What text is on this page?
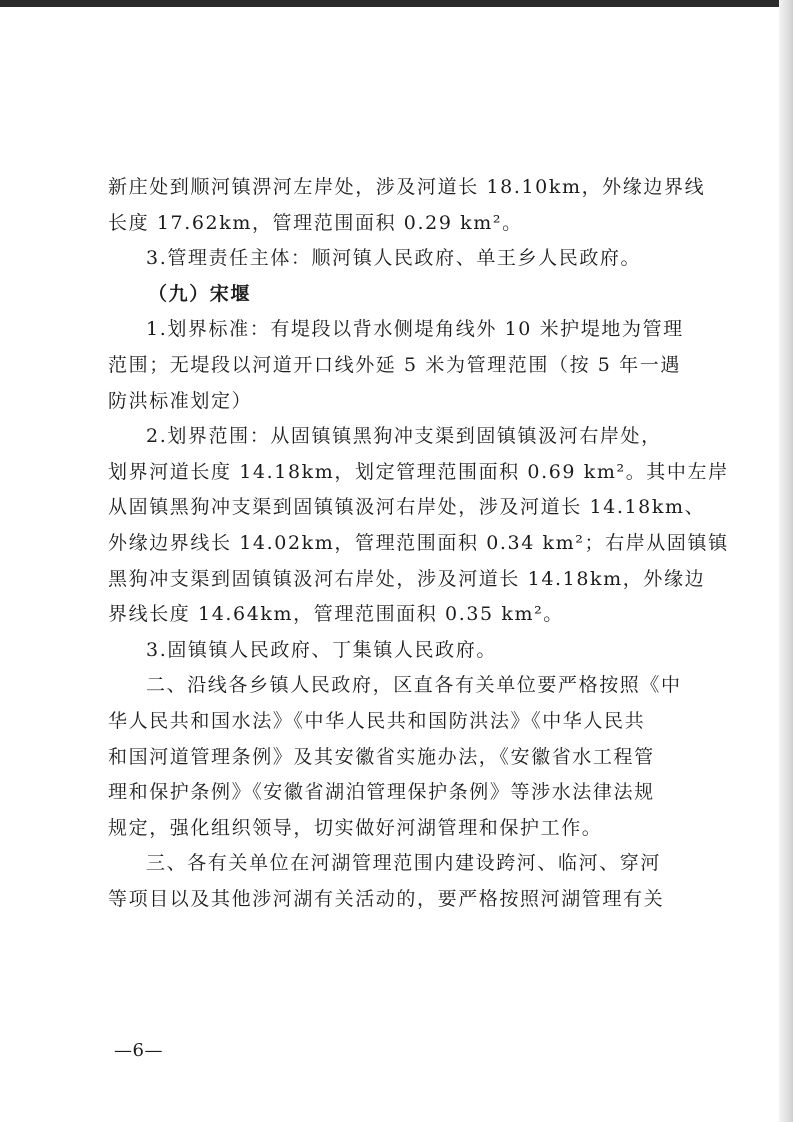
新庄处到顺河镇淠河左岸处，涉及河道长 18.10km，外缘边界线
长度 17.62km，管理范围面积 0.29 km²。
3.管理责任主体：顺河镇人民政府、单王乡人民政府。
（九）宋堰
1.划界标准：有堤段以背水侧堤角线外 10 米护堤地为管理
范围；无堤段以河道开口线外延 5 米为管理范围（按 5 年一遇
防洪标准划定）
2.划界范围：从固镇镇黑狗冲支渠到固镇镇汲河右岸处，
划界河道长度 14.18km，划定管理范围面积 0.69 km²。其中左岸
从固镇黑狗冲支渠到固镇镇汲河右岸处，涉及河道长 14.18km、
外缘边界线长 14.02km，管理范围面积 0.34 km²；右岸从固镇镇
黑狗冲支渠到固镇镇汲河右岸处，涉及河道长 14.18km，外缘边
界线长度 14.64km，管理范围面积 0.35 km²。
3.固镇镇人民政府、丁集镇人民政府。
二、沿线各乡镇人民政府，区直各有关单位要严格按照《中
华人民共和国水法》《中华人民共和国防洪法》《中华人民共
和国河道管理条例》及其安徽省实施办法，《安徽省水工程管
理和保护条例》《安徽省湖泊管理保护条例》等涉水法律法规
规定，强化组织领导，切实做好河湖管理和保护工作。
三、各有关单位在河湖管理范围内建设跨河、临河、穿河
等项目以及其他涉河湖有关活动的，要严格按照河湖管理有关
—6—
